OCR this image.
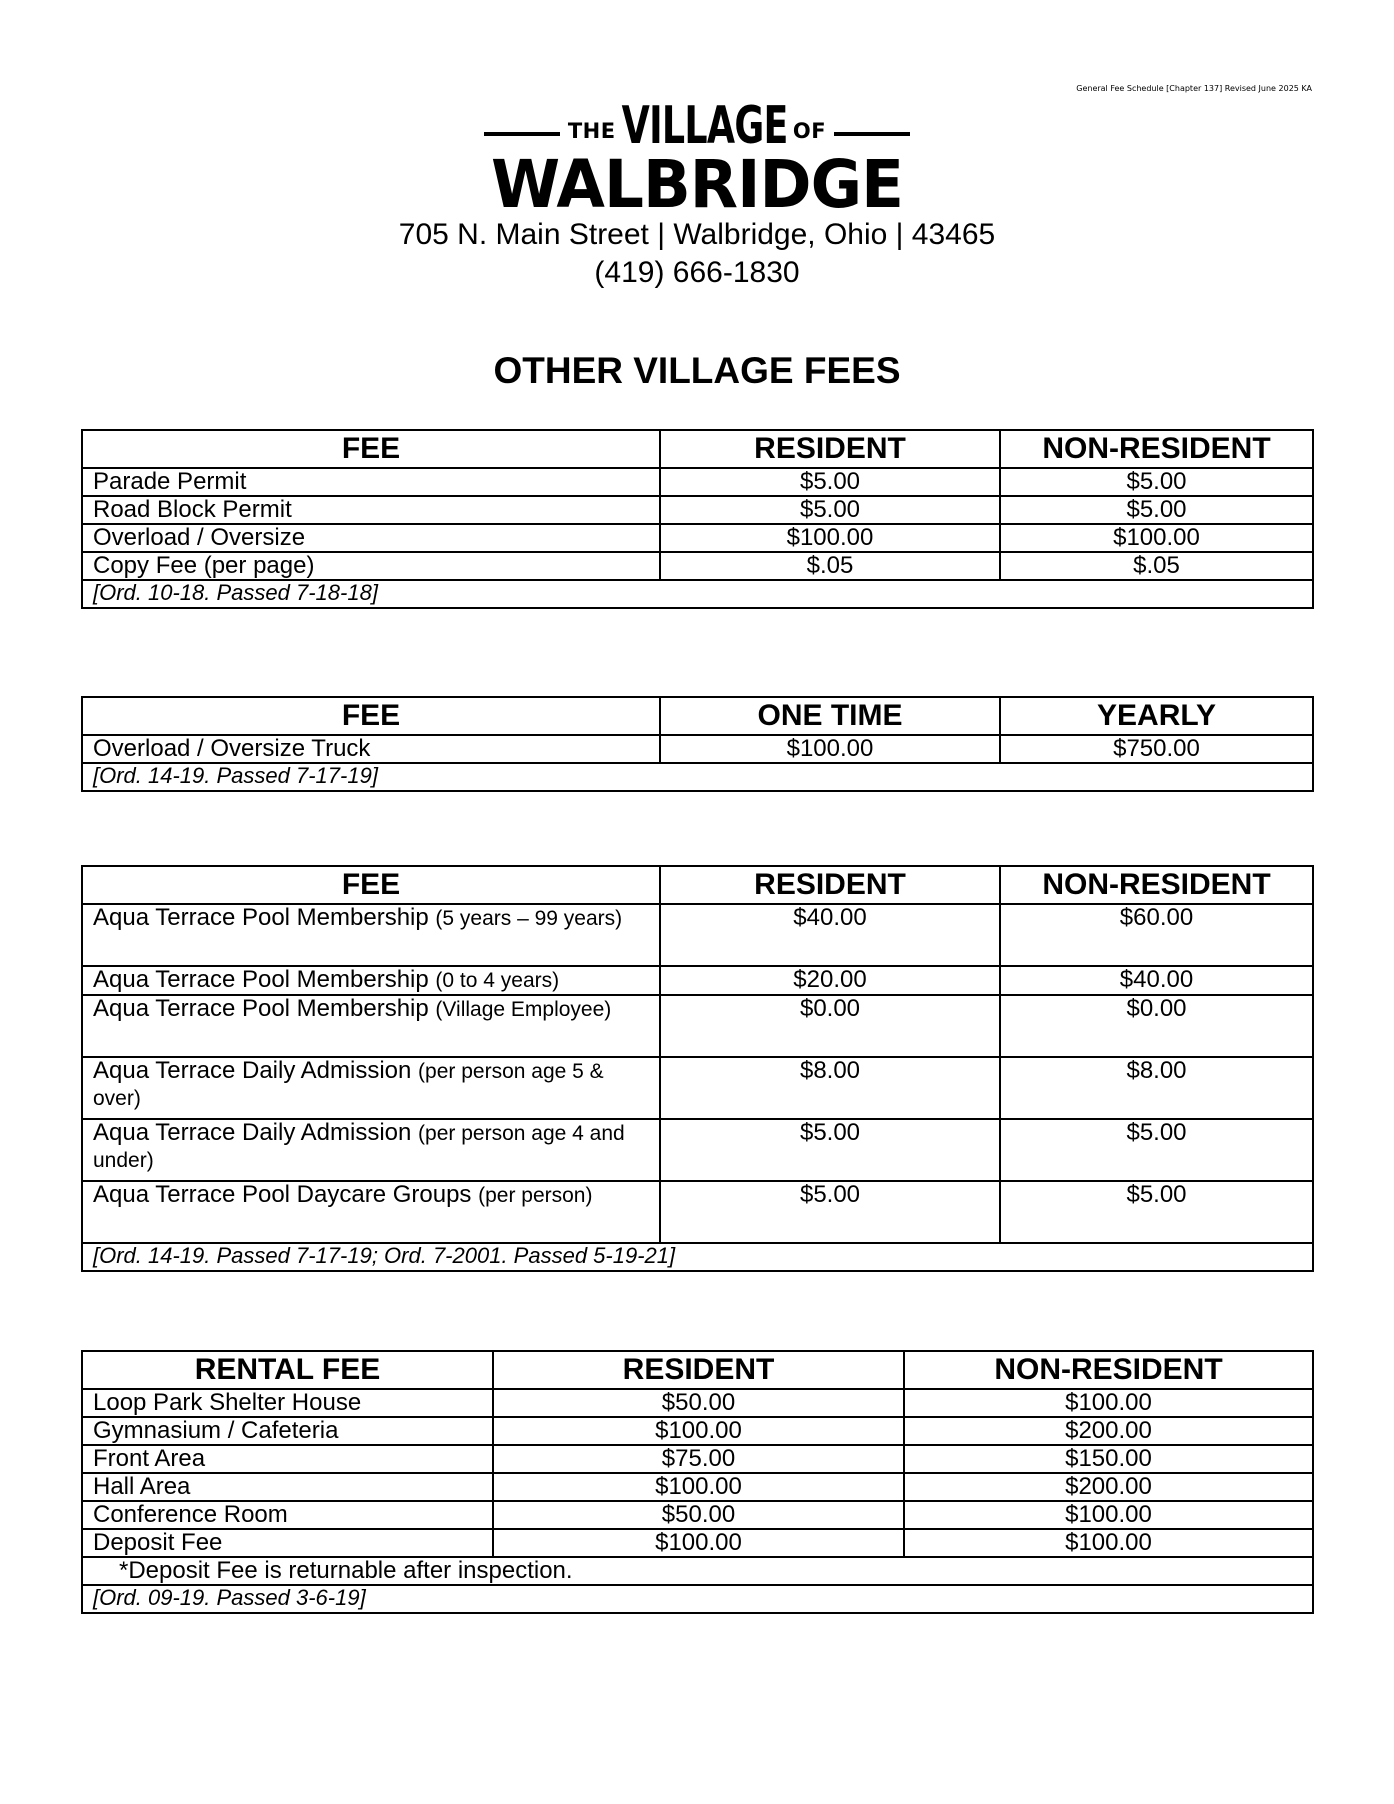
General Fee Schedule [Chapter 137] Revised June 2025 KA
THE VILLAGE OF
WALBRIDGE
705 N. Main Street | Walbridge, Ohio | 43465
(419) 666-1830
OTHER VILLAGE FEES
FEE	RESIDENT	NON-RESIDENT
Parade Permit	$5.00	$5.00
Road Block Permit	$5.00	$5.00
Overload / Oversize	$100.00	$100.00
Copy Fee (per page)	$.05	$.05
[Ord. 10-18. Passed 7-18-18]		
FEE	ONE TIME	YEARLY
Overload / Oversize Truck	$100.00	$750.00
[Ord. 14-19. Passed 7-17-19]		
FEE	RESIDENT	NON-RESIDENT
Aqua Terrace Pool Membership (5 years – 99 years)	$40.00	$60.00
Aqua Terrace Pool Membership (0 to 4 years)	$20.00	$40.00
Aqua Terrace Pool Membership (Village Employee)	$0.00	$0.00
Aqua Terrace Daily Admission (per person age 5 & over)	$8.00	$8.00
Aqua Terrace Daily Admission (per person age 4 and under)	$5.00	$5.00
Aqua Terrace Pool Daycare Groups (per person)	$5.00	$5.00
[Ord. 14-19. Passed 7-17-19; Ord. 7-2001. Passed 5-19-21]		
RENTAL FEE	RESIDENT	NON-RESIDENT
Loop Park Shelter House	$50.00	$100.00
Gymnasium / Cafeteria	$100.00	$200.00
Front Area	$75.00	$150.00
Hall Area	$100.00	$200.00
Conference Room	$50.00	$100.00
Deposit Fee	$100.00	$100.00
*Deposit Fee is returnable after inspection.		
[Ord. 09-19. Passed 3-6-19]		
